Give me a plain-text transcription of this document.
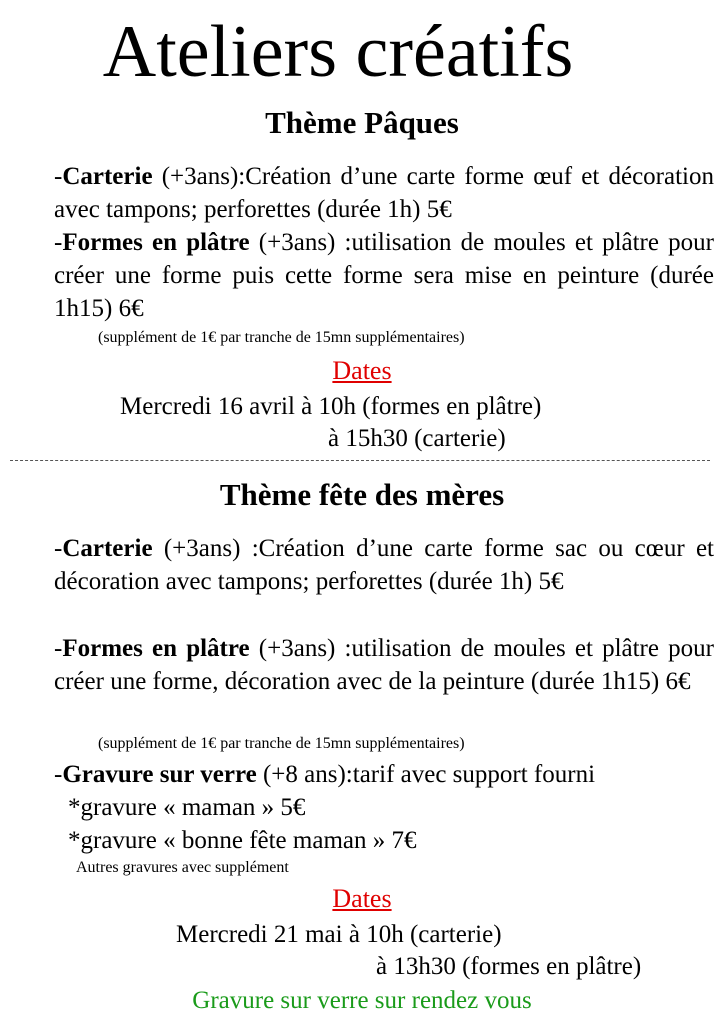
Ateliers créatifs
Thème Pâques
-Carterie (+3ans):Création d’une carte forme œuf et décoration avec tampons; perforettes (durée 1h) 5€
-Formes en plâtre (+3ans) :utilisation de moules et plâtre pour créer une forme puis cette forme sera mise en peinture (durée 1h15) 6€
(supplément de 1€ par tranche de 15mn supplémentaires)
Dates
Mercredi 16 avril à 10h (formes en plâtre)
à 15h30 (carterie)
Thème fête des mères
-Carterie (+3ans) :Création d’une carte forme sac ou cœur et décoration avec tampons; perforettes (durée 1h) 5€
-Formes en plâtre (+3ans) :utilisation de moules et plâtre pour créer une forme, décoration avec de la peinture (durée 1h15) 6€
(supplément de 1€ par tranche de 15mn supplémentaires)
-Gravure sur verre (+8 ans):tarif avec support fourni
*gravure « maman » 5€
*gravure « bonne fête maman » 7€
Autres gravures avec supplément
Dates
Mercredi 21 mai à 10h (carterie)
à 13h30 (formes en plâtre)
Gravure sur verre sur rendez vous
